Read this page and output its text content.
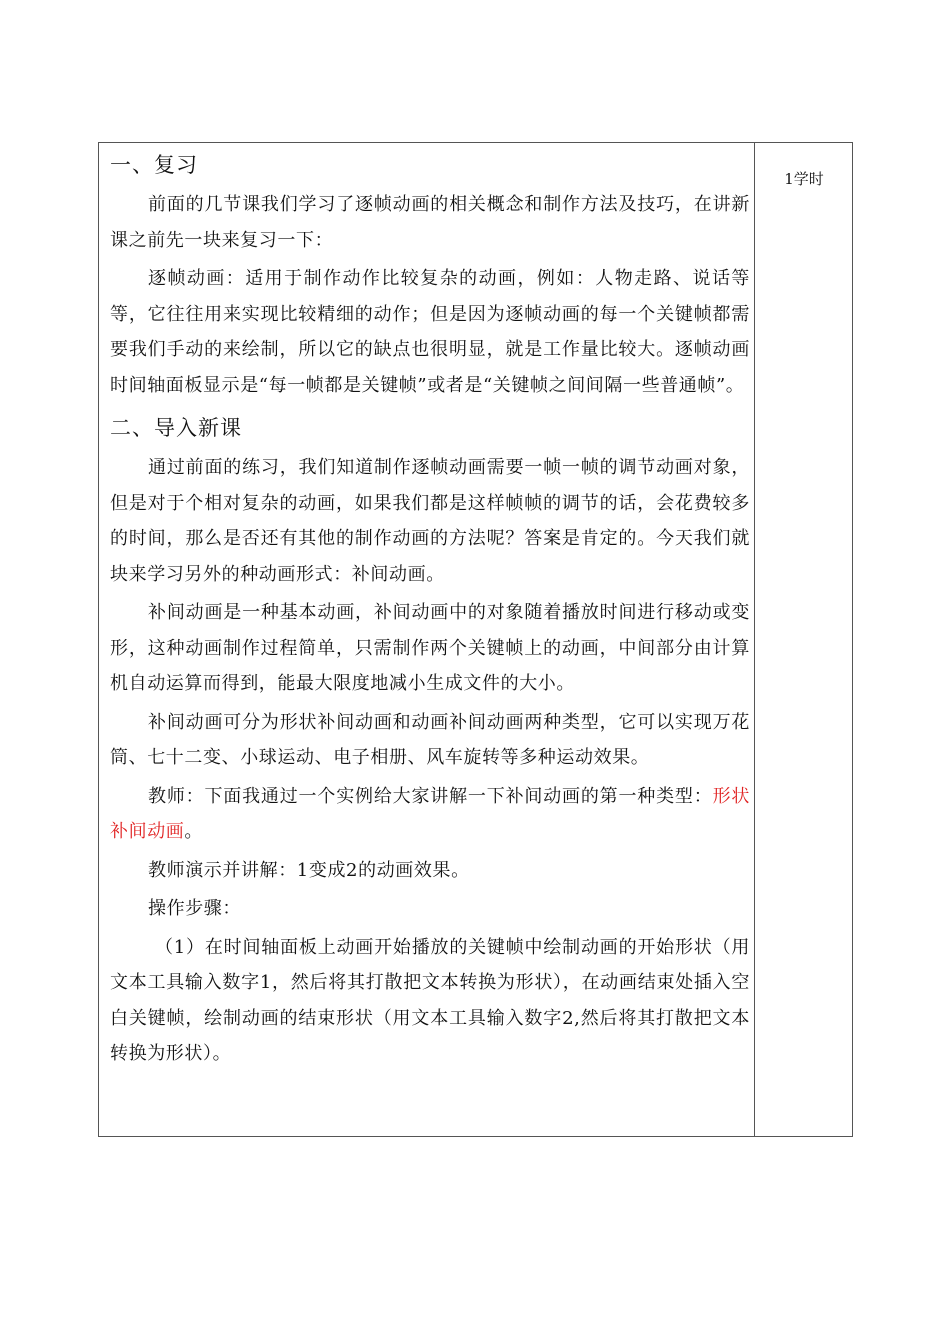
一、复习

前面的几节课我们学习了逐帧动画的相关概念和制作方法及技巧，在讲新课之前先一块来复习一下：

逐帧动画：适用于制作动作比较复杂的动画，例如：人物走路、说话等等，它往往用来实现比较精细的动作；但是因为逐帧动画的每一个关键帧都需要我们手动的来绘制，所以它的缺点也很明显，就是工作量比较大。逐帧动画时间轴面板显示是“每一帧都是关键帧”或者是“关键帧之间间隔一些普通帧”。

二、导入新课

通过前面的练习，我们知道制作逐帧动画需要一帧一帧的调节动画对象，但是对于个相对复杂的动画，如果我们都是这样帧帧的调节的话，会花费较多的时间，那么是否还有其他的制作动画的方法呢？答案是肯定的。今天我们就块来学习另外的种动画形式：补间动画。

补间动画是一种基本动画，补间动画中的对象随着播放时间进行移动或变形，这种动画制作过程简单，只需制作两个关键帧上的动画，中间部分由计算机自动运算而得到，能最大限度地减小生成文件的大小。

补间动画可分为形状补间动画和动画补间动画两种类型，它可以实现万花筒、七十二变、小球运动、电子相册、风车旋转等多种运动效果。

教师：下面我通过一个实例给大家讲解一下补间动画的第一种类型：形状补间动画。

教师演示并讲解：1变成2的动画效果。

操作步骤：

（1）在时间轴面板上动画开始播放的关键帧中绘制动画的开始形状（用文本工具输入数字1，然后将其打散把文本转换为形状），在动画结束处插入空白关键帧，绘制动画的结束形状（用文本工具输入数字2,然后将其打散把文本转换为形状）。

1学时
